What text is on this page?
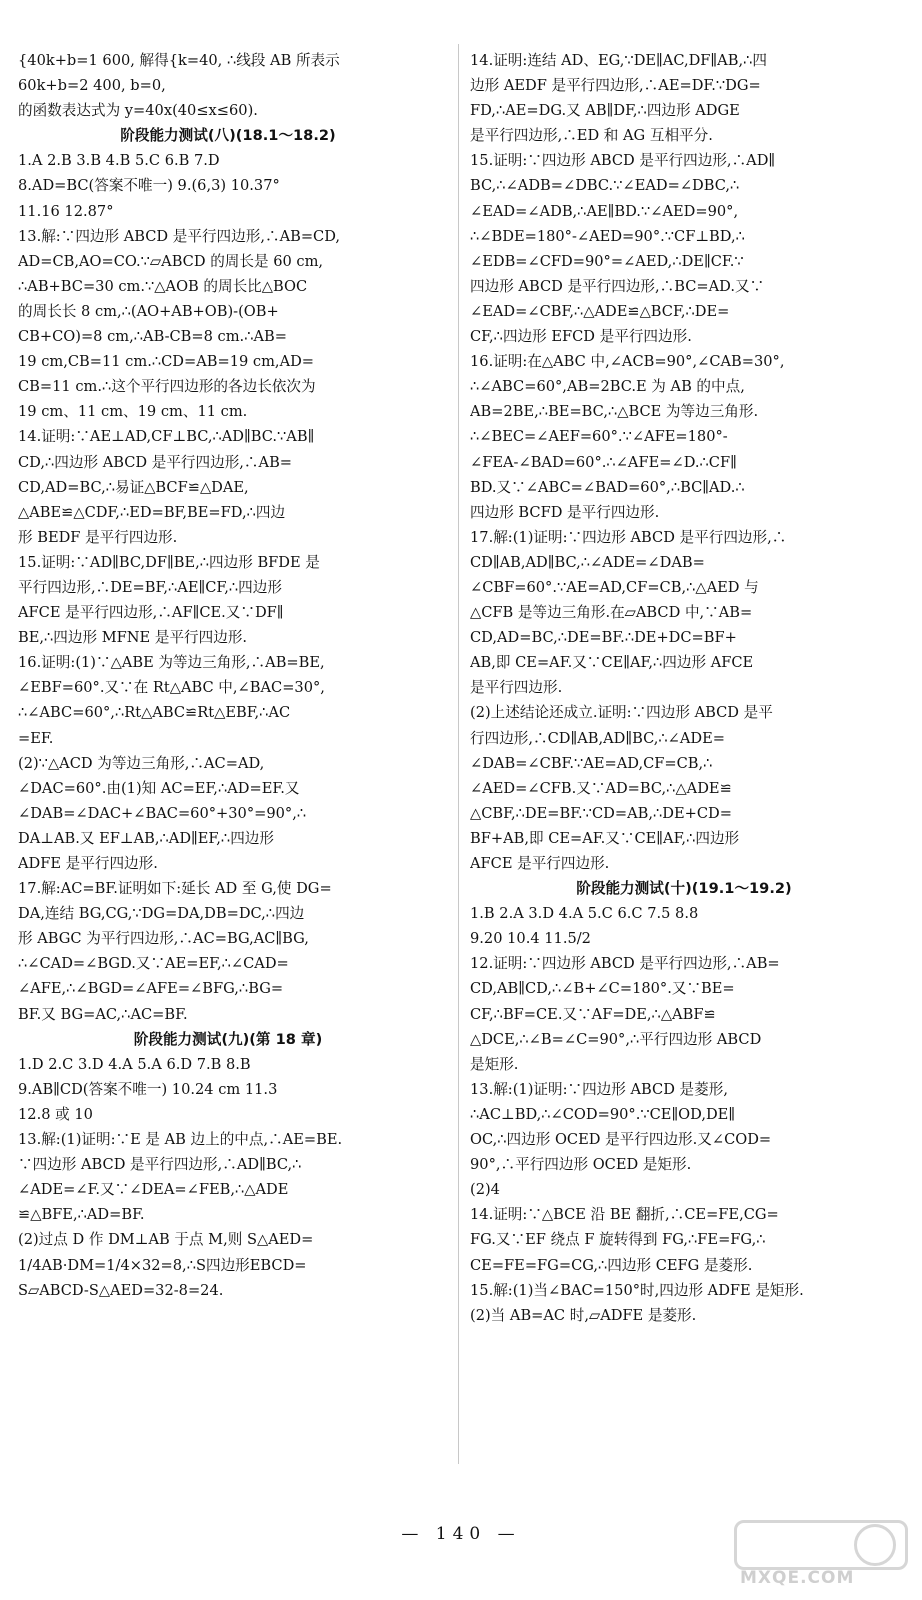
{40k+b=1 600, 解得{k=40, ∴线段 AB 所表示
60k+b=2 400, b=0,
的函数表达式为 y=40x(40≤x≤60).
阶段能力测试(八)(18.1～18.2)
1.A 2.B 3.B 4.B 5.C 6.B 7.D
8.AD=BC(答案不唯一) 9.(6,3) 10.37°
11.16 12.87°
13.解:∵四边形 ABCD 是平行四边形,∴AB=CD,
AD=CB,AO=CO.∵▱ABCD 的周长是 60 cm,
∴AB+BC=30 cm.∵△AOB 的周长比△BOC
的周长长 8 cm,∴(AO+AB+OB)-(OB+
CB+CO)=8 cm,∴AB-CB=8 cm.∴AB=
19 cm,CB=11 cm.∴CD=AB=19 cm,AD=
CB=11 cm.∴这个平行四边形的各边长依次为
19 cm、11 cm、19 cm、11 cm.
14.证明:∵AE⊥AD,CF⊥BC,∴AD∥BC.∵AB∥
CD,∴四边形 ABCD 是平行四边形,∴AB=
CD,AD=BC,∴易证△BCF≌△DAE,
△ABE≌△CDF,∴ED=BF,BE=FD,∴四边
形 BEDF 是平行四边形.
15.证明:∵AD∥BC,DF∥BE,∴四边形 BFDE 是
平行四边形,∴DE=BF,∴AE∥CF,∴四边形
AFCE 是平行四边形,∴AF∥CE.又∵DF∥
BE,∴四边形 MFNE 是平行四边形.
16.证明:(1)∵△ABE 为等边三角形,∴AB=BE,
∠EBF=60°.又∵在 Rt△ABC 中,∠BAC=30°,
∴∠ABC=60°,∴Rt△ABC≌Rt△EBF,∴AC
=EF.
(2)∵△ACD 为等边三角形,∴AC=AD,
∠DAC=60°.由(1)知 AC=EF,∴AD=EF.又
∠DAB=∠DAC+∠BAC=60°+30°=90°,∴
DA⊥AB.又 EF⊥AB,∴AD∥EF,∴四边形
ADFE 是平行四边形.
17.解:AC=BF.证明如下:延长 AD 至 G,使 DG=
DA,连结 BG,CG,∵DG=DA,DB=DC,∴四边
形 ABGC 为平行四边形,∴AC=BG,AC∥BG,
∴∠CAD=∠BGD.又∵AE=EF,∴∠CAD=
∠AFE,∴∠BGD=∠AFE=∠BFG,∴BG=
BF.又 BG=AC,∴AC=BF.
阶段能力测试(九)(第 18 章)
1.D 2.C 3.D 4.A 5.A 6.D 7.B 8.B
9.AB∥CD(答案不唯一) 10.24 cm 11.3
12.8 或 10
13.解:(1)证明:∵E 是 AB 边上的中点,∴AE=BE.
∵四边形 ABCD 是平行四边形,∴AD∥BC,∴
∠ADE=∠F.又∵∠DEA=∠FEB,∴△ADE
≌△BFE,∴AD=BF.
(2)过点 D 作 DM⊥AB 于点 M,则 S△AED=
1/4AB·DM=1/4×32=8,∴S四边形EBCD=
S▱ABCD-S△AED=32-8=24.
14.证明:连结 AD、EG,∵DE∥AC,DF∥AB,∴四
边形 AEDF 是平行四边形,∴AE=DF.∵DG=
FD,∴AE=DG.又 AB∥DF,∴四边形 ADGE
是平行四边形,∴ED 和 AG 互相平分.
15.证明:∵四边形 ABCD 是平行四边形,∴AD∥
BC,∴∠ADB=∠DBC.∵∠EAD=∠DBC,∴
∠EAD=∠ADB,∴AE∥BD.∵∠AED=90°,
∴∠BDE=180°-∠AED=90°.∵CF⊥BD,∴
∠EDB=∠CFD=90°=∠AED,∴DE∥CF.∵
四边形 ABCD 是平行四边形,∴BC=AD.又∵
∠EAD=∠CBF,∴△ADE≌△BCF,∴DE=
CF,∴四边形 EFCD 是平行四边形.
16.证明:在△ABC 中,∠ACB=90°,∠CAB=30°,
∴∠ABC=60°,AB=2BC.E 为 AB 的中点,
AB=2BE,∴BE=BC,∴△BCE 为等边三角形.
∴∠BEC=∠AEF=60°.∵∠AFE=180°-
∠FEA-∠BAD=60°.∴∠AFE=∠D.∴CF∥
BD.又∵∠ABC=∠BAD=60°,∴BC∥AD.∴
四边形 BCFD 是平行四边形.
17.解:(1)证明:∵四边形 ABCD 是平行四边形,∴
CD∥AB,AD∥BC,∴∠ADE=∠DAB=
∠CBF=60°.∵AE=AD,CF=CB,∴△AED 与
△CFB 是等边三角形.在▱ABCD 中,∵AB=
CD,AD=BC,∴DE=BF.∴DE+DC=BF+
AB,即 CE=AF.又∵CE∥AF,∴四边形 AFCE
是平行四边形.
(2)上述结论还成立.证明:∵四边形 ABCD 是平
行四边形,∴CD∥AB,AD∥BC,∴∠ADE=
∠DAB=∠CBF.∵AE=AD,CF=CB,∴
∠AED=∠CFB.又∵AD=BC,∴△ADE≌
△CBF,∴DE=BF.∵CD=AB,∴DE+CD=
BF+AB,即 CE=AF.又∵CE∥AF,∴四边形
AFCE 是平行四边形.
阶段能力测试(十)(19.1～19.2)
1.B 2.A 3.D 4.A 5.C 6.C 7.5 8.8
9.20 10.4 11.5/2
12.证明:∵四边形 ABCD 是平行四边形,∴AB=
CD,AB∥CD,∴∠B+∠C=180°.又∵BE=
CF,∴BF=CE.又∵AF=DE,∴△ABF≌
△DCE,∴∠B=∠C=90°,∴平行四边形 ABCD
是矩形.
13.解:(1)证明:∵四边形 ABCD 是菱形,
∴AC⊥BD,∴∠COD=90°.∵CE∥OD,DE∥
OC,∴四边形 OCED 是平行四边形.又∠COD=
90°,∴平行四边形 OCED 是矩形.
(2)4
14.证明:∵△BCE 沿 BE 翻折,∴CE=FE,CG=
FG.又∵EF 绕点 F 旋转得到 FG,∴FE=FG,∴
CE=FE=FG=CG,∴四边形 CEFG 是菱形.
15.解:(1)当∠BAC=150°时,四边形 ADFE 是矩形.
(2)当 AB=AC 时,▱ADFE 是菱形.
— 140 —
MXQE.COM
